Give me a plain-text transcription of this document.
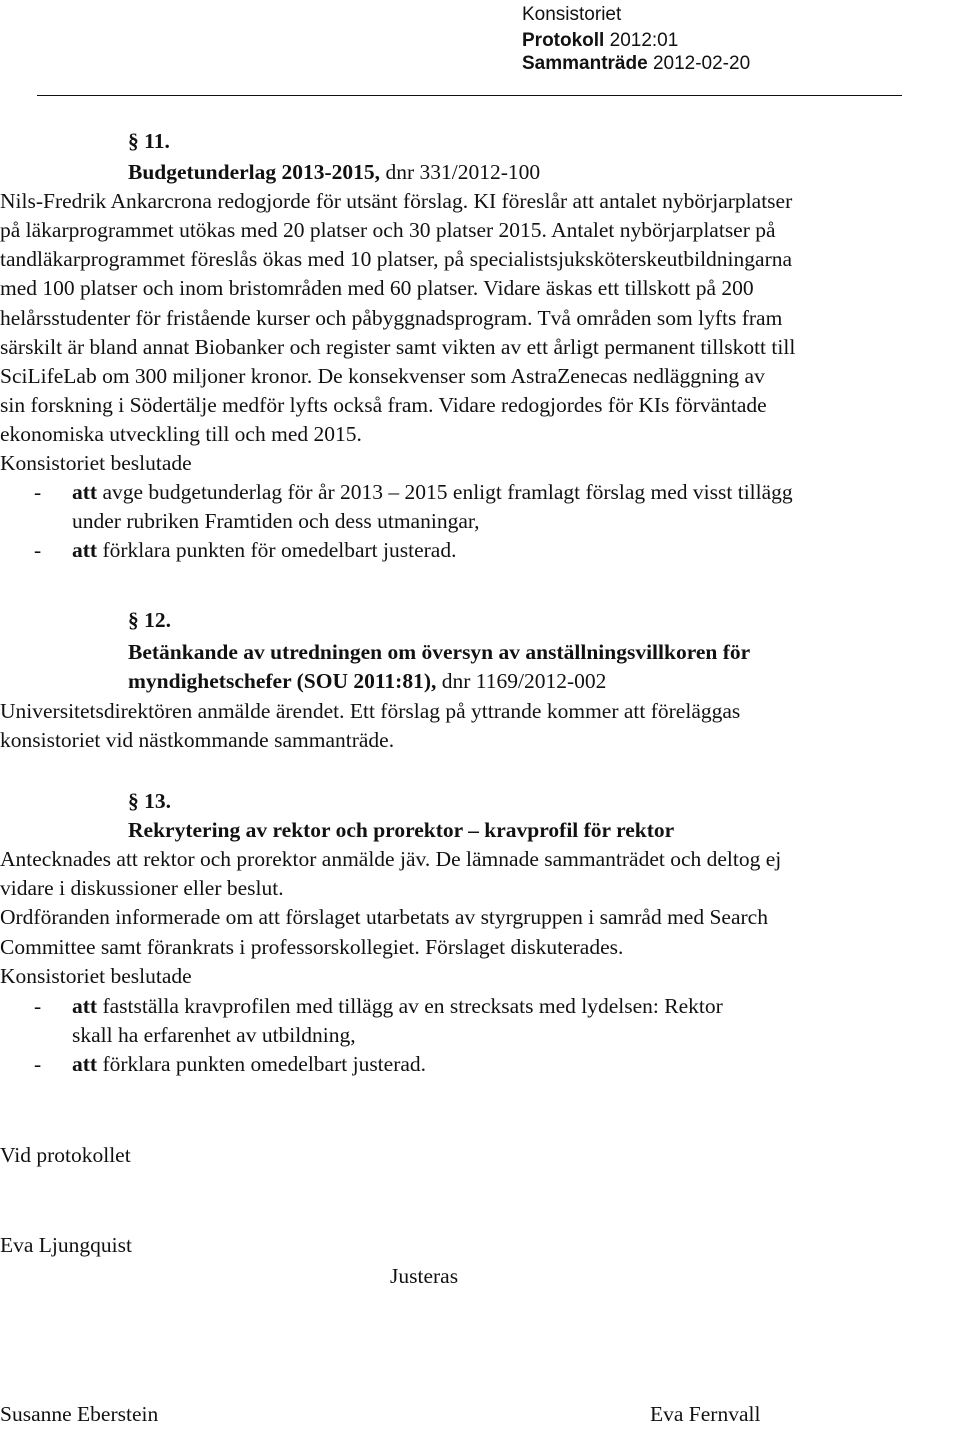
Konsistoriet
Protokoll 2012:01
Sammanträde 2012-02-20
§ 11.
Budgetunderlag 2013-2015, dnr 331/2012-100
Nils-Fredrik Ankarcrona redogjorde för utsänt förslag. KI föreslår att antalet nybörjarplatser
på läkarprogrammet utökas med 20 platser och 30 platser 2015. Antalet nybörjarplatser på
tandläkarprogrammet föreslås ökas med 10 platser, på specialistsjuksköterskeutbildningarna
med 100 platser och inom bristområden med 60 platser. Vidare äskas ett tillskott på 200
helårsstudenter för fristående kurser och påbyggnadsprogram. Två områden som lyfts fram
särskilt är bland annat Biobanker och register samt vikten av ett årligt permanent tillskott till
SciLifeLab om 300 miljoner kronor. De konsekvenser som AstraZenecas nedläggning av
sin forskning i Södertälje medför lyfts också fram. Vidare redogjordes för KIs förväntade
ekonomiska utveckling till och med 2015.
Konsistoriet beslutade
- att avge budgetunderlag för år 2013 – 2015 enligt framlagt förslag med visst tillägg
under rubriken Framtiden och dess utmaningar,
- att förklara punkten för omedelbart justerad.
§ 12.
Betänkande av utredningen om översyn av anställningsvillkoren för
myndighetschefer (SOU 2011:81), dnr 1169/2012-002
Universitetsdirektören anmälde ärendet. Ett förslag på yttrande kommer att föreläggas
konsistoriet vid nästkommande sammanträde.
§ 13.
Rekrytering av rektor och prorektor – kravprofil för rektor
Antecknades att rektor och prorektor anmälde jäv. De lämnade sammanträdet och deltog ej
vidare i diskussioner eller beslut.
Ordföranden informerade om att förslaget utarbetats av styrgruppen i samråd med Search
Committee samt förankrats i professorskollegiet. Förslaget diskuterades.
Konsistoriet beslutade
- att fastställa kravprofilen med tillägg av en strecksats med lydelsen: Rektor
skall ha erfarenhet av utbildning,
- att förklara punkten omedelbart justerad.
Vid protokollet
Eva Ljungquist
Justeras
Susanne Eberstein	Eva Fernvall
